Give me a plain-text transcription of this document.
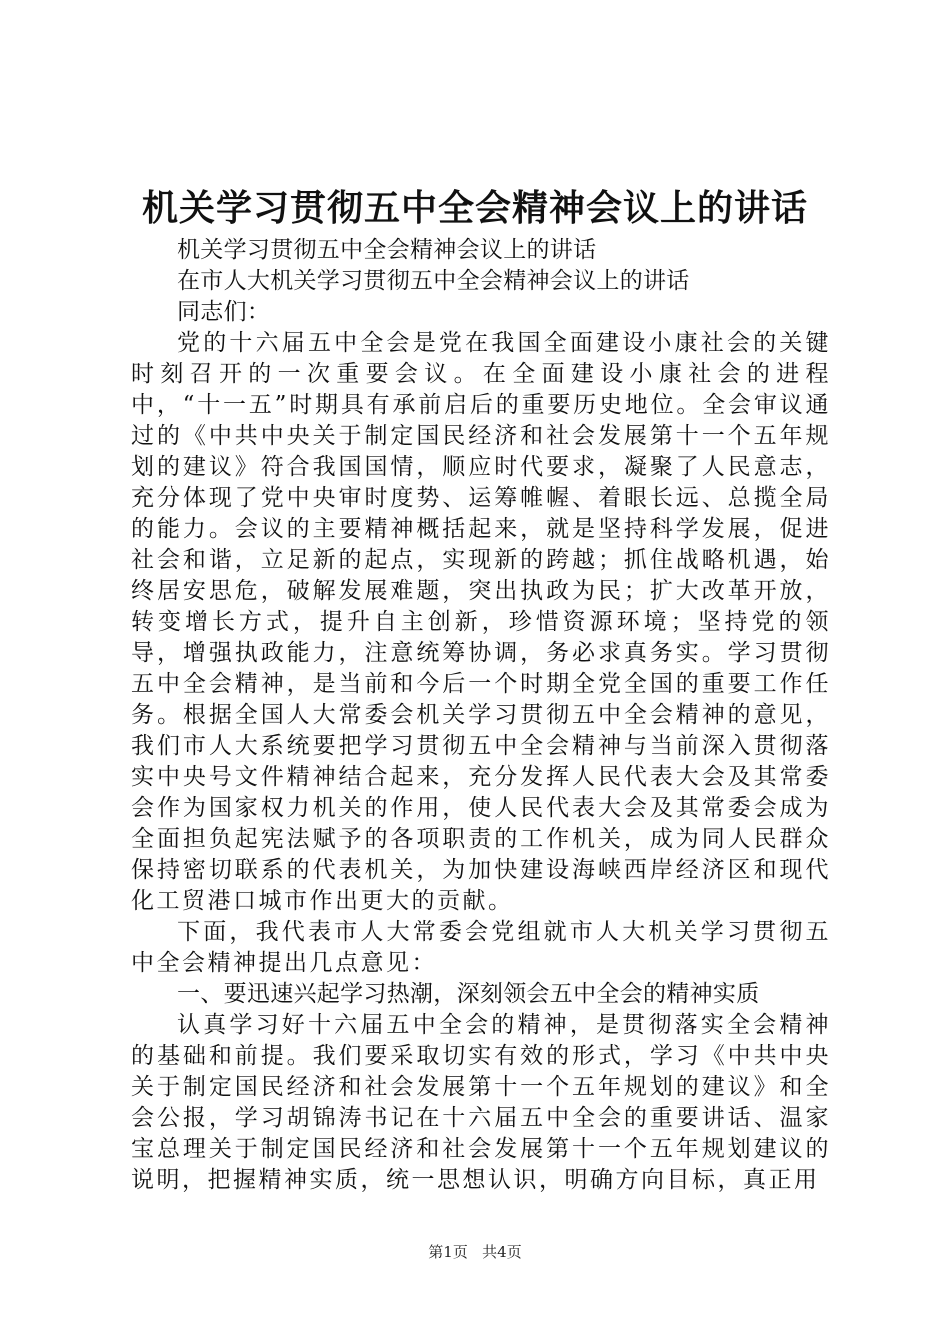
机关学习贯彻五中全会精神会议上的讲话

机关学习贯彻五中全会精神会议上的讲话

在市人大机关学习贯彻五中全会精神会议上的讲话

同志们：

党的十六届五中全会是党在我国全面建设小康社会的关键时刻召开的一次重要会议。在全面建设小康社会的进程中，“十一五”时期具有承前启后的重要历史地位。全会审议通过的《中共中央关于制定国民经济和社会发展第十一个五年规划的建议》符合我国国情，顺应时代要求，凝聚了人民意志，充分体现了党中央审时度势、运筹帷幄、着眼长远、总揽全局的能力。会议的主要精神概括起来，就是坚持科学发展，促进社会和谐，立足新的起点，实现新的跨越；抓住战略机遇，始终居安思危，破解发展难题，突出执政为民；扩大改革开放，转变增长方式，提升自主创新，珍惜资源环境；坚持党的领导，增强执政能力，注意统筹协调，务必求真务实。学习贯彻五中全会精神，是当前和今后一个时期全党全国的重要工作任务。根据全国人大常委会机关学习贯彻五中全会精神的意见，我们市人大系统要把学习贯彻五中全会精神与当前深入贯彻落实中央号文件精神结合起来，充分发挥人民代表大会及其常委会作为国家权力机关的作用，使人民代表大会及其常委会成为全面担负起宪法赋予的各项职责的工作机关，成为同人民群众保持密切联系的代表机关，为加快建设海峡西岸经济区和现代化工贸港口城市作出更大的贡献。

下面，我代表市人大常委会党组就市人大机关学习贯彻五中全会精神提出几点意见：

一、要迅速兴起学习热潮，深刻领会五中全会的精神实质

认真学习好十六届五中全会的精神，是贯彻落实全会精神的基础和前提。我们要采取切实有效的形式，学习《中共中央关于制定国民经济和社会发展第十一个五年规划的建议》和全会公报，学习胡锦涛书记在十六届五中全会的重要讲话、温家宝总理关于制定国民经济和社会发展第十一个五年规划建议的说明，把握精神实质，统一思想认识，明确方向目标，真正用

第1页 共4页
